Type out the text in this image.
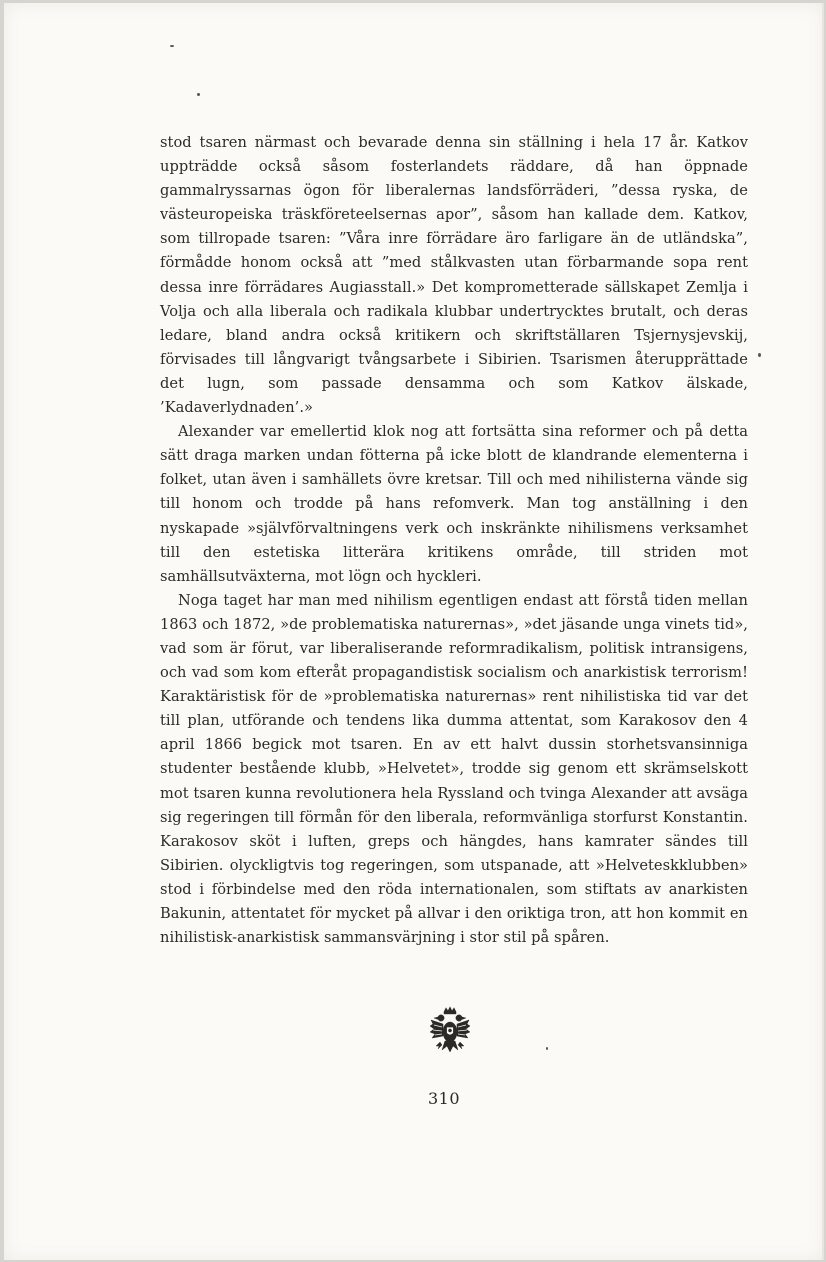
stod tsaren närmast och bevarade denna sin ställning i hela 17 år. Katkov uppträdde också såsom fosterlandets räddare, då han öppnade gammalryssarnas ögon för liberalernas landsförräderi, ”dessa ryska, de västeuropeiska träskföreteelsernas apor”, såsom han kallade dem. Katkov, som tillropade tsaren: ”Våra inre förrädare äro farligare än de utländska”, förmådde honom också att ”med stålkvasten utan förbarmande sopa rent dessa inre förrädares Augiasstall.» Det komprometterade sällskapet Zemlja i Volja och alla liberala och radikala klubbar undertrycktes brutalt, och deras ledare, bland andra också kritikern och skriftställaren Tsjernysjevskij, förvisades till långvarigt tvångsarbete i Sibirien. Tsarismen återupprättade det lugn, som passade densamma och som Katkov älskade, ’Kadaverlydnaden’.»

Alexander var emellertid klok nog att fortsätta sina reformer och på detta sätt draga marken undan fötterna på icke blott de klandrande elementerna i folket, utan även i samhällets övre kretsar. Till och med nihilisterna vände sig till honom och trodde på hans refomverk. Man tog anställning i den nyskapade »självförvaltningens verk och inskränkte nihilismens verksamhet till den estetiska litterära kritikens område, till striden mot samhällsutväxterna, mot lögn och hyckleri.

Noga taget har man med nihilism egentligen endast att förstå tiden mellan 1863 och 1872, »de problematiska naturernas», »det jäsande unga vinets tid», vad som är förut, var liberaliserande reformradikalism, politisk intransigens, och vad som kom efteråt propagandistisk socialism och anarkistisk terrorism! Karaktäristisk för de »problematiska naturernas» rent nihilistiska tid var det till plan, utförande och tendens lika dumma attentat, som Karakosov den 4 april 1866 begick mot tsaren. En av ett halvt dussin storhetsvansinniga studenter bestående klubb, »Helvetet», trodde sig genom ett skrämselskott mot tsaren kunna revolutionera hela Ryssland och tvinga Alexander att avsäga sig regeringen till förmån för den liberala, reformvänliga storfurst Konstantin. Karakosov sköt i luften, greps och hängdes, hans kamrater sändes till Sibirien. olyckligtvis tog regeringen, som utspanade, att »Helveteskklubben» stod i förbindelse med den röda internationalen, som stiftats av anarkisten Bakunin, attentatet för mycket på allvar i den oriktiga tron, att hon kommit en nihilistisk-anarkistisk sammansvärjning i stor stil på spåren.

310
